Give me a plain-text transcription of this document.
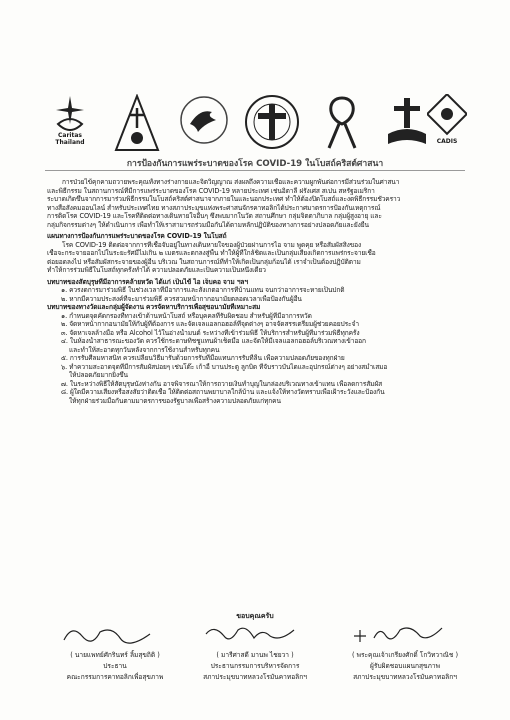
Caritas
Thailand	CADIS
การป้องกันการแพร่ระบาดของโรค COVID-19 ในโบสถ์คริสต์ศาสนา

การป่วยไข้คุกคามถวายพระคุณทั้งทางร่างกายและจิตวิญญาณ ส่งผลถึงความเชื่อและความผูกพันต่อการมีส่วนร่วมในศาสนา

และพิธีกรรม ในสถานการณ์ที่มีการแพร่ระบาดของโรค COVID-19 หลายประเทศ เช่นอิตาลี ฝรั่งเศส สเปน สหรัฐอเมริกา

ระบาดเกิดขึ้นจากการมาร่วมพิธีกรรมในโบสถ์คริสต์ศาสนาจากภายในและนอกประเทศ ทำให้ต้องปิดโบสถ์และงดพิธีกรรมชั่วคราว

ทางสื่อสังคมออนไลน์ สำหรับประเทศไทย ทางสภาประมุขแห่งพระศาสนจักรคาทอลิกได้ประกาศมาตรการป้องกันเหตุการณ์

การติดโรค COVID-19 และโรคที่ติดต่อทางเดินหายใจอื่นๆ ซึ่งพบมากในวัด สถานศึกษา กลุ่มจิตตาภิบาล กลุ่มผู้สูงอายุ และ

กลุ่มกิจกรรมต่างๆ ให้ดำเนินการ เพื่อทำให้เราสามารถร่วมมือกันได้ตามหลักปฏิบัติของทางการอย่างปลอดภัยและยั่งยืน

แผนทางการป้องกันการแพร่ระบาดของโรค COVID-19 ในโบสถ์

โรค COVID-19 ติดต่อจากการที่เชื้อจับอยู่ในทางเดินหายใจของผู้ป่วยผ่านการไอ จาม พูดคุย หรือสัมผัสสิ่งของ

เชื้อจะกระจายออกไปในระยะรัศมีไม่เกิน ๒ เมตรและตกลงสู่พื้น ทำให้ผู้ที่ใกล้ชิดและเป็นกลุ่มเสี่ยงเกิดการแพร่กระจายเชื้อ

ต่อยอดลงไป หรือสัมผัสกระจายของผู้อื่น บริเวณ ในสถานการณ์ที่ทำให้เกิดเป็นกลุ่มก้อนได้ เราจำเป็นต้องปฏิบัติตาม

ทำให้การร่วมพิธีในโบสถ์ทุกครั้งทำได้ ความปลอดภัยและเป็นความเป็นหนึ่งเดียว

บทบาทของสัตบุรุษที่มีอาการคล้ายหวัด ได้แก่ เป็นไข้ ไอ เจ็บคอ จาม ฯลฯ

๑. ควรงดการมาร่วมพิธี ในช่วงเวลาที่มีอาการและสังเกตอาการที่บ้านแทน จนกว่าอาการจะหายเป็นปกติ

๒. หากมีความประสงค์ที่จะมาร่วมพิธี ควรสวมหน้ากากอนามัยตลอดเวลาเพื่อป้องกันผู้อื่น

บทบาทของทางวัดและกลุ่มผู้จัดงาน ควรจัดหาบริการเพื่อสุขอนามัยที่เหมาะสม

๑. กำหนดจุดคัดกรองที่ทางเข้าด้านหน้าโบสถ์ หรือบุคคลที่รับผิดชอบ สำหรับผู้ที่มีอาการหวัด

๒. จัดหาหน้ากากอนามัยให้กับผู้ที่ต้องการ และจัดเจลแอลกอฮอล์ที่จุดต่างๆ อาจจัดสรรเตรียมผู้ช่วยคอยประจำ

๓. จัดหาเจลล้างมือ หรือ Alcohol ไว้ในอ่างน้ำมนต์ ระหว่างที่เข้าร่วมพิธี ให้บริการสำหรับผู้ที่มาร่วมพิธีทุกครั้ง

๔. ในห้องน้ำสาธารณะของวัด ควรใช้กระดาษทิชชูแทนผ้าเช็ดมือ และจัดให้มีเจลแอลกอฮอล์บริเวณทางเข้าออก

และทำให้สะอาดทุกวันหลังจากการใช้งานสำหรับทุกคน

๕. การรับศีลมหาสนิท ควรเปลี่ยนวิธีมารับด้วยการรับที่มือแทนการรับที่ลิ้น เพื่อความปลอดภัยของทุกฝ่าย

๖. ทำความสะอาดจุดที่มีการสัมผัสบ่อยๆ เช่นโต๊ะ เก้าอี้ บานประตู ลูกบิด ที่จับราวบันไดและอุปกรณ์ต่างๆ อย่างสม่ำเสมอ

ให้ปลอดภัยมากยิ่งขึ้น

๗. ในระหว่างพิธีให้สัตบุรุษนั่งห่างกัน อาจพิจารณาให้การถวายเงินทำบุญในกล่องบริเวณทางเข้าแทน เพื่อลดการสัมผัส

๘. ผู้ใดมีความเสี่ยงหรือสงสัยว่าติดเชื้อ ให้ติดต่อสถานพยาบาลใกล้บ้าน และแจ้งให้ทางวัดทราบเพื่อเฝ้าระวังและป้องกัน

ให้ทุกฝ่ายร่วมมือกันตามมาตรการของรัฐบาลเพื่อสร้างความปลอดภัยแก่ทุกคน

ขอบคุณครับ
( นายแพทย์ศักรินทร์ ลิ้มสุขถิติ )
ประธาน
คณะกรรมการคาทอลิกเพื่อสุขภาพ
( มารีศาสดี มานพ ไชยวา )
ประธานกรรมการบริหารจัดการ
สภาประมุขบาทหลวงโรมันคาทอลิกฯ
( พระคุณเจ้าเกรียงศักดิ์ โกวิทวาณิช )
ผู้รับผิดชอบแผนกสุขภาพ
สภาประมุขบาทหลวงโรมันคาทอลิกฯ
